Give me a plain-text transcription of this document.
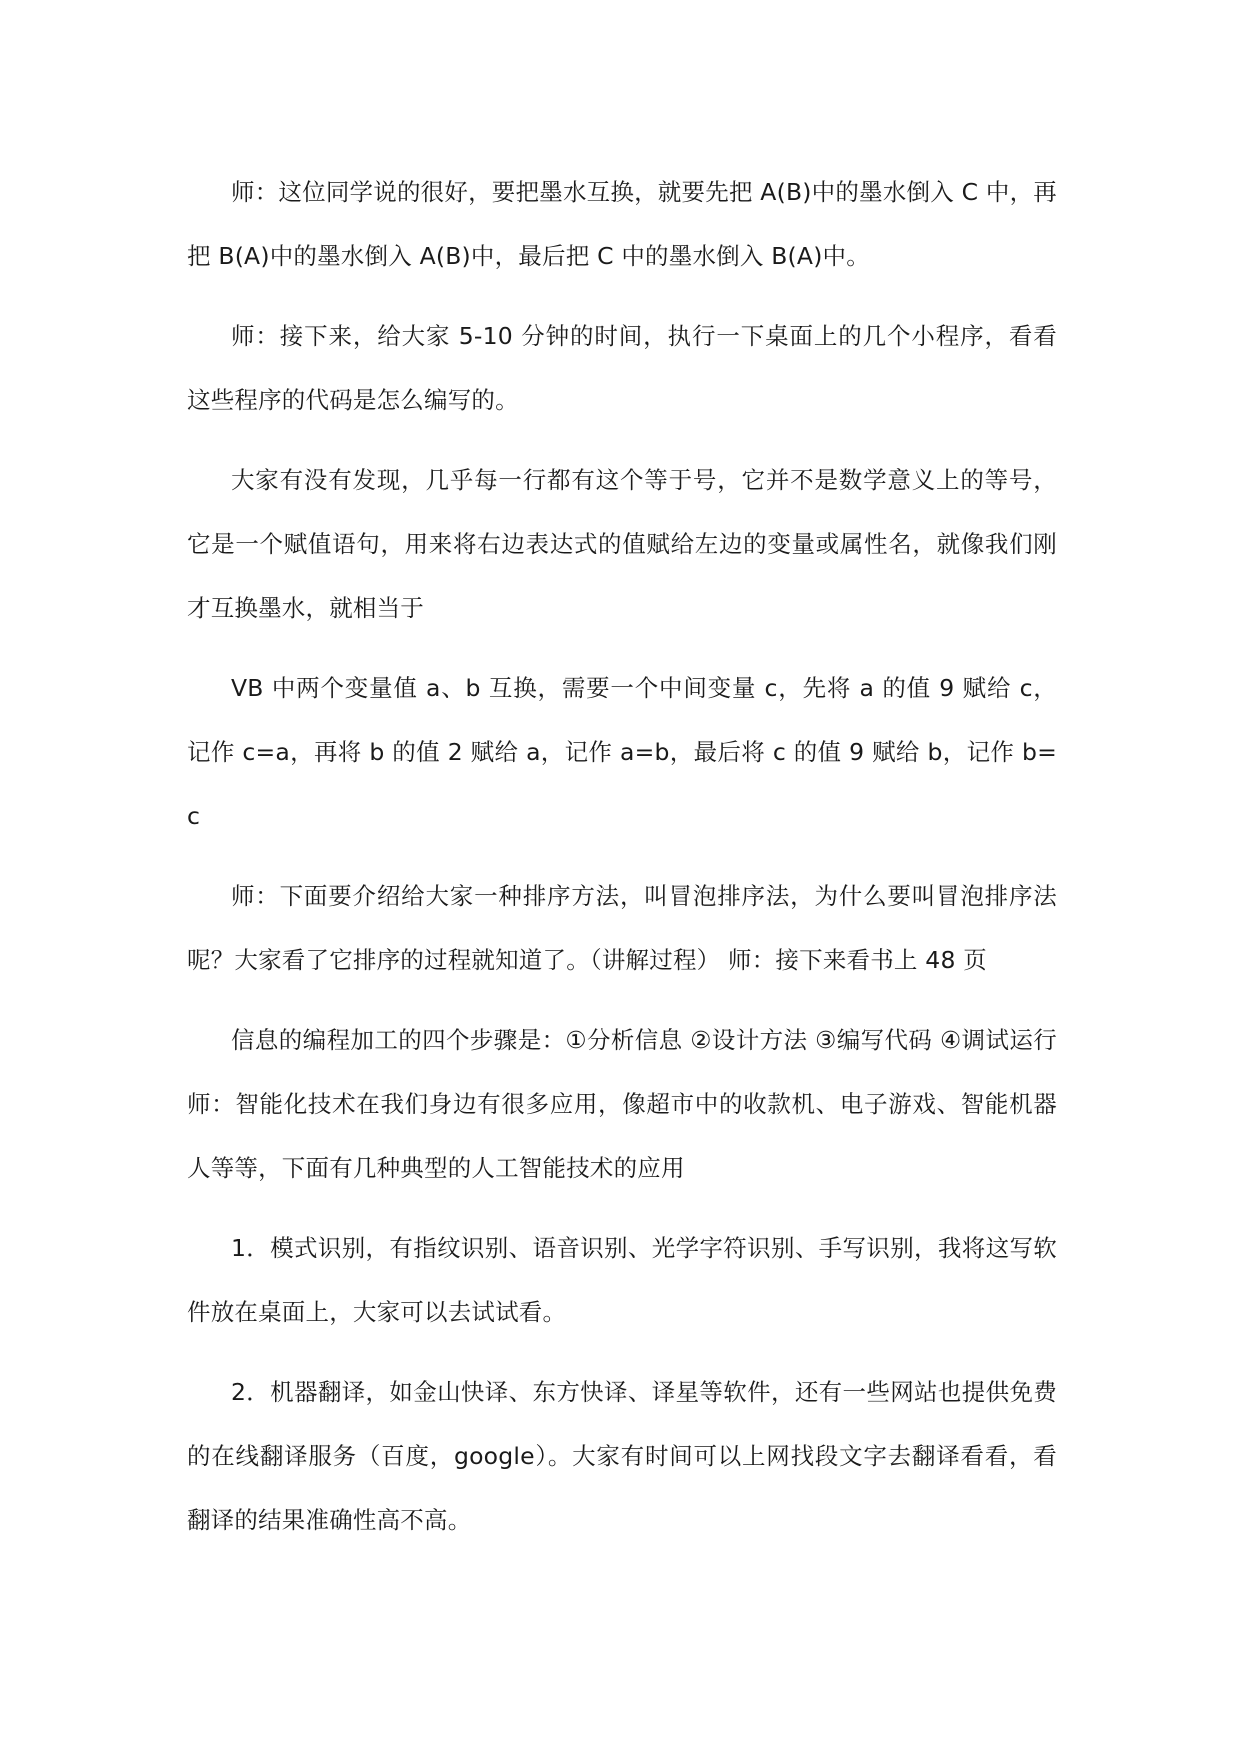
师：这位同学说的很好，要把墨水互换，就要先把 A(B)中的墨水倒入 C 中，再把 B(A)中的墨水倒入 A(B)中，最后把 C 中的墨水倒入 B(A)中。

师：接下来，给大家 5-10 分钟的时间，执行一下桌面上的几个小程序，看看这些程序的代码是怎么编写的。

大家有没有发现，几乎每一行都有这个等于号，它并不是数学意义上的等号，它是一个赋值语句，用来将右边表达式的值赋给左边的变量或属性名，就像我们刚才互换墨水，就相当于

VB 中两个变量值 a、b 互换，需要一个中间变量 c，先将 a 的值 9 赋给 c，记作 c=a，再将 b 的值 2 赋给 a，记作 a=b，最后将 c 的值 9 赋给 b，记作 b=c

师：下面要介绍给大家一种排序方法，叫冒泡排序法，为什么要叫冒泡排序法呢？大家看了它排序的过程就知道了。（讲解过程） 师：接下来看书上 48 页

信息的编程加工的四个步骤是：①分析信息 ②设计方法 ③编写代码 ④调试运行 师：智能化技术在我们身边有很多应用，像超市中的收款机、电子游戏、智能机器人等等，下面有几种典型的人工智能技术的应用

1．模式识别，有指纹识别、语音识别、光学字符识别、手写识别，我将这写软件放在桌面上，大家可以去试试看。

2．机器翻译，如金山快译、东方快译、译星等软件，还有一些网站也提供免费的在线翻译服务（百度，google）。大家有时间可以上网找段文字去翻译看看，看翻译的结果准确性高不高。
